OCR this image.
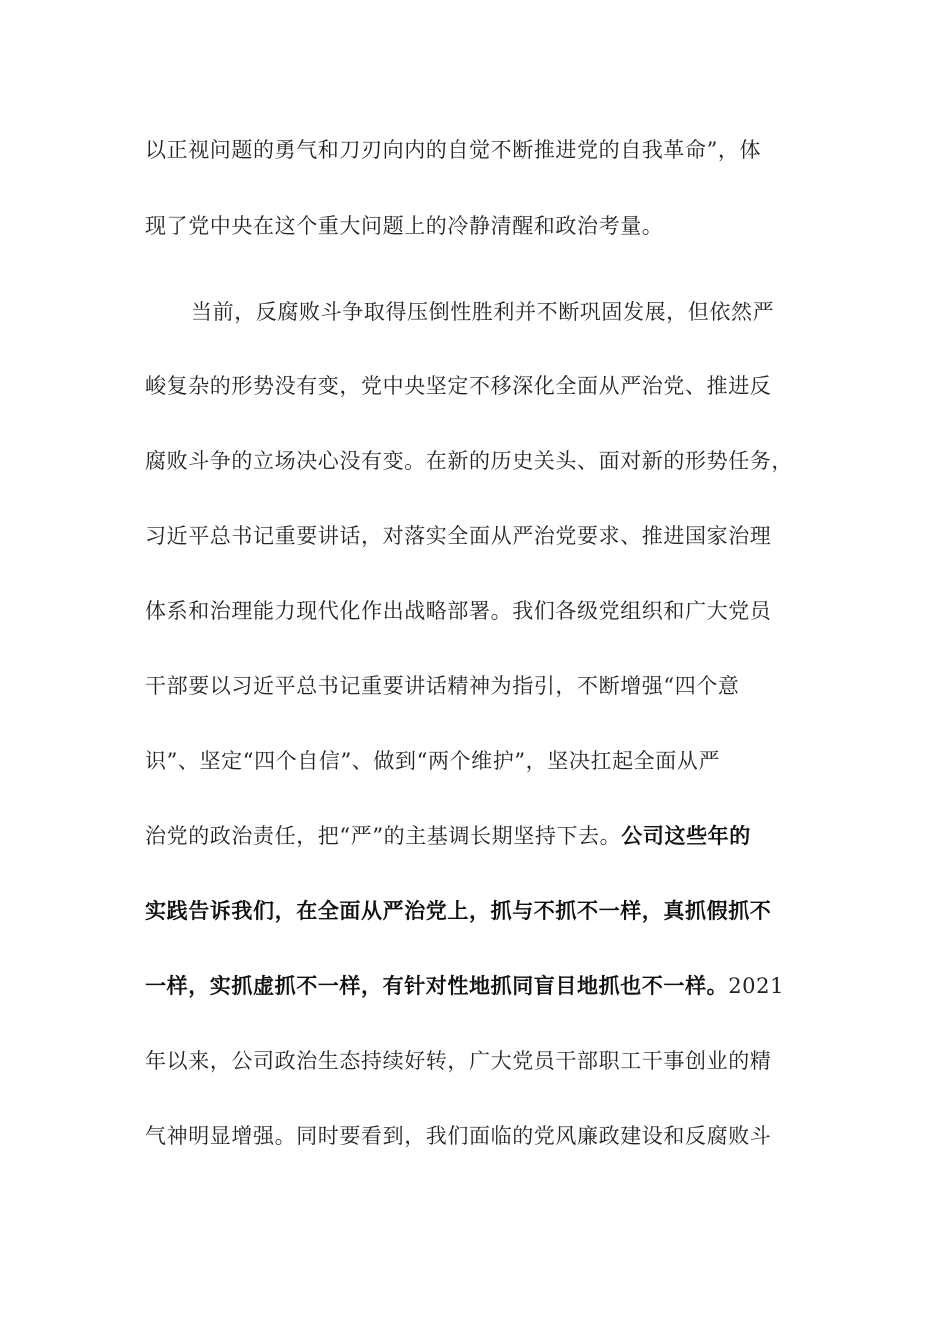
以正视问题的勇气和刀刃向内的自觉不断推进党的自我革命”，体
现了党中央在这个重大问题上的冷静清醒和政治考量。
当前，反腐败斗争取得压倒性胜利并不断巩固发展，但依然严
峻复杂的形势没有变，党中央坚定不移深化全面从严治党、推进反
腐败斗争的立场决心没有变。在新的历史关头、面对新的形势任务，
习近平总书记重要讲话，对落实全面从严治党要求、推进国家治理
体系和治理能力现代化作出战略部署。我们各级党组织和广大党员
干部要以习近平总书记重要讲话精神为指引，不断增强“四个意
识”、坚定“四个自信”、做到“两个维护”，坚决扛起全面从严
治党的政治责任，把“严”的主基调长期坚持下去。公司这些年的
实践告诉我们，在全面从严治党上，抓与不抓不一样，真抓假抓不
一样，实抓虚抓不一样，有针对性地抓同盲目地抓也不一样。2021
年以来，公司政治生态持续好转，广大党员干部职工干事创业的精
气神明显增强。同时要看到，我们面临的党风廉政建设和反腐败斗
